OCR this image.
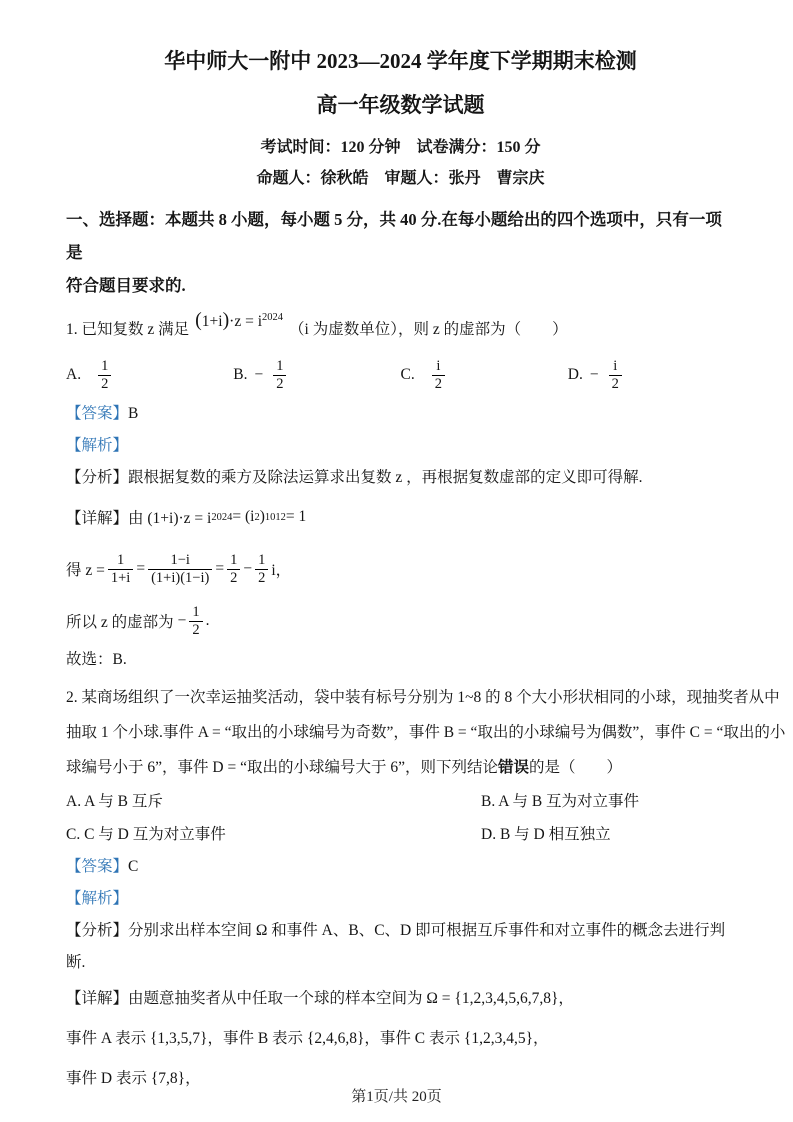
华中师大一附中 2023—2024 学年度下学期期末检测
高一年级数学试题
考试时间：120 分钟　试卷满分：150 分
命题人：徐秋皓　审题人：张丹　曹宗庆
一、选择题：本题共 8 小题，每小题 5 分，共 40 分.在每小题给出的四个选项中，只有一项是
符合题目要求的.
1. 已知复数 z 满足 $(1+i)\cdot z = i^{2024}$
（i 为虚数单位），则 z 的虚部为（　　）
A. $\frac{1}{2}$	B. − $\frac{1}{2}$	C. $\frac{i}{2}$	D. − $\frac{i}{2}$
【答案】B
【解析】
【分析】跟根据复数的乘方及除法运算求出复数 z ，再根据复数虚部的定义即可得解.
【详解】 由 (1+i)·z = i 2024 = (i 2 ) 1012 = 1
得 $z = \frac{1}{1+i} = \frac{1-i}{(1+i)(1-i)} = \frac{1}{2} - \frac{1}{2}$ i，
所以 z 的虚部为 − $\frac{1}{2}$ .
故选：B.
2. 某商场组织了一次幸运抽奖活动，袋中装有标号分别为 1~8 的 8 个大小形状相同的小球，现抽奖者从中
抽取 1 个小球.事件 A = “取出的小球编号为奇数”，事件 B = “取出的小球编号为偶数”，事件 C = “取出的小
球编号小于 6”，事件 D = “取出的小球编号大于 6”，则下列结论错误的是（　　）
A. A 与 B 互斥	B. A 与 B 互为对立事件
C. C 与 D 互为对立事件	D. B 与 D 相互独立
【答案】C
【解析】
【分析】分别求出样本空间 Ω 和事件 A、B、C、D 即可根据互斥事件和对立事件的概念去进行判断.
【详解】由题意抽奖者从中任取一个球的样本空间为 Ω = {1,2,3,4,5,6,7,8}，
事件 A 表示 {1,3,5,7}，事件 B 表示 {2,4,6,8}，事件 C 表示 {1,2,3,4,5}，
事件 D 表示 {7,8}，
第1页/共 20页
